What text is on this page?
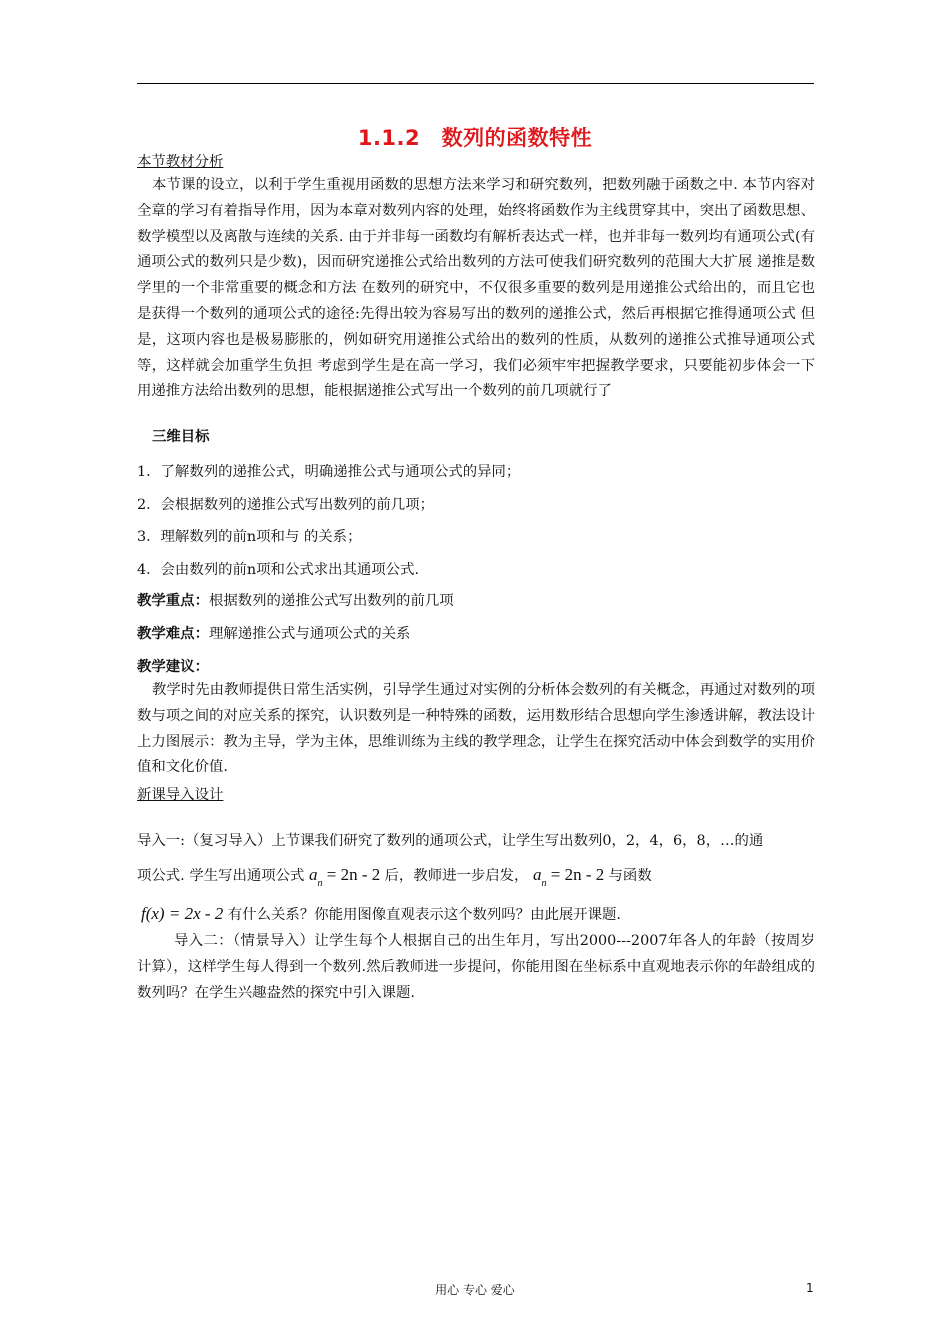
1.1.2　数列的函数特性
本节教材分析

本节课的设立，以利于学生重视用函数的思想方法来学习和研究数列，把数列融于函数之中. 本节内容对全章的学习有着指导作用，因为本章对数列内容的处理，始终将函数作为主线贯穿其中，突出了函数思想、数学模型以及离散与连续的关系. 由于并非每一函数均有解析表达式一样，也并非每一数列均有通项公式(有通项公式的数列只是少数)，因而研究递推公式给出数列的方法可使我们研究数列的范围大大扩展 递推是数学里的一个非常重要的概念和方法 在数列的研究中，不仅很多重要的数列是用递推公式给出的，而且它也是获得一个数列的通项公式的途径:先得出较为容易写出的数列的递推公式，然后再根据它推得通项公式 但是，这项内容也是极易膨胀的，例如研究用递推公式给出的数列的性质，从数列的递推公式推导通项公式等，这样就会加重学生负担 考虑到学生是在高一学习，我们必须牢牢把握教学要求，只要能初步体会一下用递推方法给出数列的思想，能根据递推公式写出一个数列的前几项就行了

三维目标
1．了解数列的递推公式，明确递推公式与通项公式的异同；
2．会根据数列的递推公式写出数列的前几项；
3．理解数列的前n项和与 的关系；
4．会由数列的前n项和公式求出其通项公式.
教学重点：根据数列的递推公式写出数列的前几项
教学难点：理解递推公式与通项公式的关系
教学建议：

教学时先由教师提供日常生活实例，引导学生通过对实例的分析体会数列的有关概念，再通过对数列的项数与项之间的对应关系的探究，认识数列是一种特殊的函数，运用数形结合思想向学生渗透讲解，教法设计上力图展示：教为主导，学为主体，思维训练为主线的教学理念，让学生在探究活动中体会到数学的实用价值和文化价值.

新课导入设计
导入一:（复习导入）上节课我们研究了数列的通项公式，让学生写出数列0，2，4，6，8，…的通
项公式. 学生写出通项公式 $a_n = 2n - 2$ 后，教师进一步启发， $a_n = 2n - 2$ 与函数
f(x) = 2x - 2 有什么关系？你能用图像直观表示这个数列吗？由此展开课题.

导入二：（情景导入）让学生每个人根据自己的出生年月，写出2000---2007年各人的年龄（按周岁计算），这样学生每人得到一个数列.然后教师进一步提问，你能用图在坐标系中直观地表示你的年龄组成的数列吗？在学生兴趣盎然的探究中引入课题.

用心 专心 爱心	1
